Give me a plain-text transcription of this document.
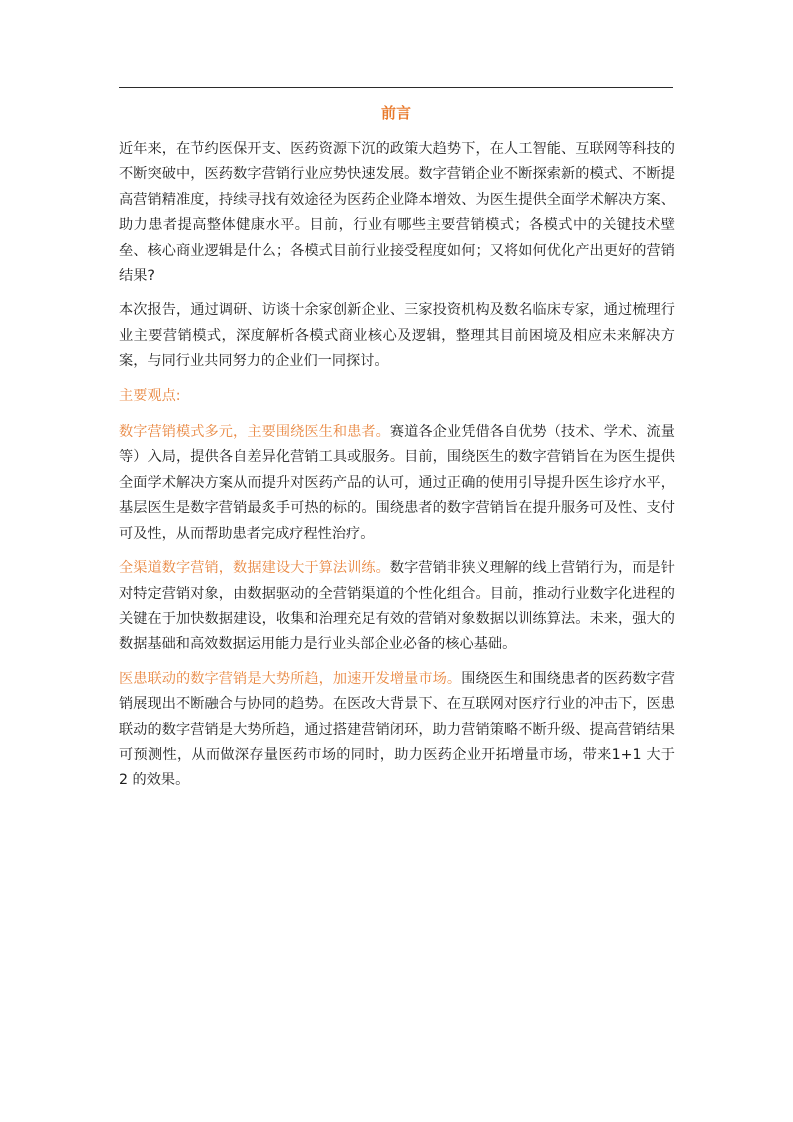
前言

近年来，在节约医保开支、医药资源下沉的政策大趋势下，在人工智能、互联网等科技的不断突破中，医药数字营销行业应势快速发展。数字营销企业不断探索新的模式、不断提高营销精准度，持续寻找有效途径为医药企业降本增效、为医生提供全面学术解决方案、助力患者提高整体健康水平。目前，行业有哪些主要营销模式；各模式中的关键技术壁垒、核心商业逻辑是什么；各模式目前行业接受程度如何；又将如何优化产出更好的营销结果?

本次报告，通过调研、访谈十余家创新企业、三家投资机构及数名临床专家，通过梳理行业主要营销模式，深度解析各模式商业核心及逻辑，整理其目前困境及相应未来解决方案，与同行业共同努力的企业们一同探讨。

主要观点:

数字营销模式多元，主要围绕医生和患者。赛道各企业凭借各自优势（技术、学术、流量等）入局，提供各自差异化营销工具或服务。目前，围绕医生的数字营销旨在为医生提供全面学术解决方案从而提升对医药产品的认可，通过正确的使用引导提升医生诊疗水平，基层医生是数字营销最炙手可热的标的。围绕患者的数字营销旨在提升服务可及性、支付可及性，从而帮助患者完成疗程性治疗。

全渠道数字营销，数据建设大于算法训练。数字营销非狭义理解的线上营销行为，而是针对特定营销对象，由数据驱动的全营销渠道的个性化组合。目前，推动行业数字化进程的关键在于加快数据建设，收集和治理充足有效的营销对象数据以训练算法。未来，强大的数据基础和高效数据运用能力是行业头部企业必备的核心基础。

医患联动的数字营销是大势所趋，加速开发增量市场。围绕医生和围绕患者的医药数字营销展现出不断融合与协同的趋势。在医改大背景下、在互联网对医疗行业的冲击下，医患联动的数字营销是大势所趋，通过搭建营销闭环，助力营销策略不断升级、提高营销结果可预测性，从而做深存量医药市场的同时，助力医药企业开拓增量市场，带来1+1 大于 2 的效果。
